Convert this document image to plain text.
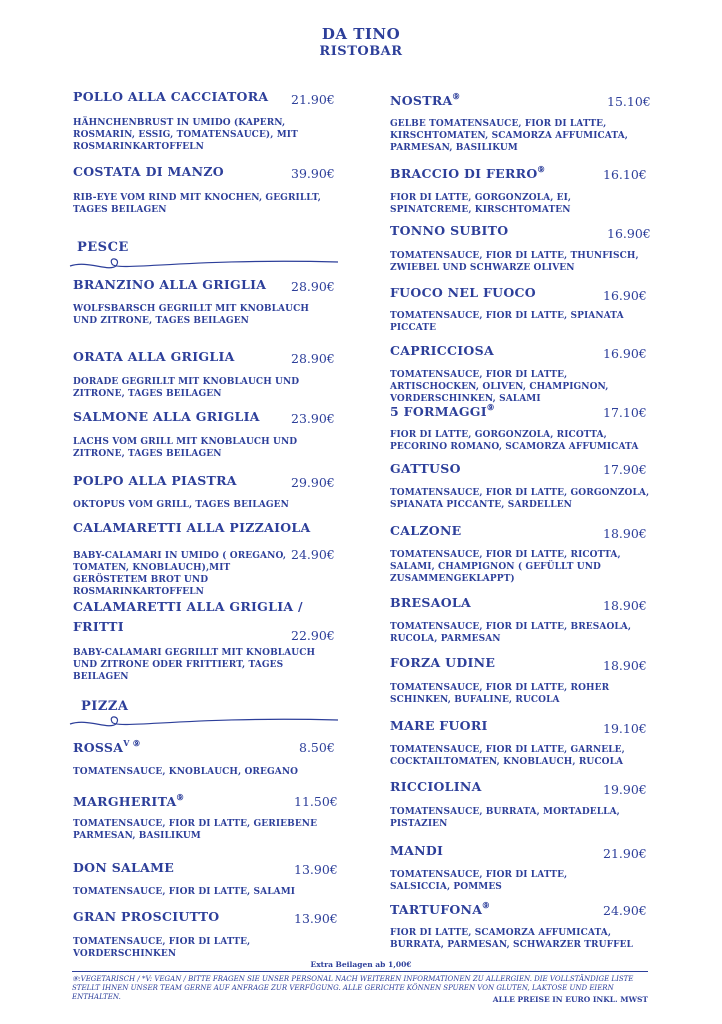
DA TINO
RISTOBAR
POLLO ALLA CACCIATORA 21.90€
HÄHNCHENBRUST IN UMIDO (KAPERN, ROSMARIN, ESSIG, TOMATENSAUCE), MIT ROSMARINKARTOFFELN
COSTATA DI MANZO	39.90€
RIB-EYE VOM RIND MIT KNOCHEN, GEGRILLT, TAGES BEILAGEN
PESCE
BRANZINO ALLA GRIGLIA 28.90€
WOLFSBARSCH GEGRILLT MIT KNOBLAUCH UND ZITRONE, TAGES BEILAGEN
ORATA ALLA GRIGLIA	28.90€
DORADE GEGRILLT MIT KNOBLAUCH UND ZITRONE, TAGES BEILAGEN
SALMONE ALLA GRIGLIA 23.90€
LACHS VOM GRILL MIT KNOBLAUCH UND ZITRONE, TAGES BEILAGEN
POLPO ALLA PIASTRA	29.90€
OKTOPUS VOM GRILL, TAGES BEILAGEN
CALAMARETTI ALLA PIZZAIOLA
24.90€
BABY-CALAMARI IN UMIDO ( OREGANO, TOMATEN, KNOBLAUCH),MIT GERÖSTETEM BROT UND ROSMARINKARTOFFELN
CALAMARETTI ALLA GRIGLIA /
FRITTI
22.90€
BABY-CALAMARI GEGRILLT MIT KNOBLAUCH UND ZITRONE ODER FRITTIERT, TAGES BEILAGEN
PIZZA
$ROSSA^{V ⑨}$	8.50€
TOMATENSAUCE, KNOBLAUCH, OREGANO
MARGHERITA⑨	11.50€
TOMATENSAUCE, FIOR DI LATTE, GERIEBENE PARMESAN, BASILIKUM
DON SALAME	13.90€
TOMATENSAUCE, FIOR DI LATTE, SALAMI
GRAN PROSCIUTTO	13.90€
TOMATENSAUCE, FIOR DI LATTE, VORDERSCHINKEN
NOSTRA⑨	15.10€
GELBE TOMATENSAUCE, FIOR DI LATTE, KIRSCHTOMATEN, SCAMORZA AFFUMICATA, PARMESAN, BASILIKUM
BRACCIO DI FERRO⑨	16.10€
FIOR DI LATTE, GORGONZOLA, EI, SPINATCREME, KIRSCHTOMATEN
TONNO SUBITO	16.90€
TOMATENSAUCE, FIOR DI LATTE, THUNFISCH, ZWIEBEL UND SCHWARZE OLIVEN
FUOCO NEL FUOCO	16.90€
TOMATENSAUCE, FIOR DI LATTE, SPIANATA PICCATE
CAPRICCIOSA	16.90€
TOMATENSAUCE, FIOR DI LATTE, ARTISCHOCKEN, OLIVEN, CHAMPIGNON, VORDERSCHINKEN, SALAMI
5 FORMAGGI⑨	17.10€
FIOR DI LATTE, GORGONZOLA, RICOTTA, PECORINO ROMANO, SCAMORZA AFFUMICATA
GATTUSO	17.90€
TOMATENSAUCE, FIOR DI LATTE, GORGONZOLA, SPIANATA PICCANTE, SARDELLEN
CALZONE	18.90€
TOMATENSAUCE, FIOR DI LATTE, RICOTTA, SALAMI, CHAMPIGNON ( GEFÜLLT UND ZUSAMMENGEKLAPPT)
BRESAOLA	18.90€
TOMATENSAUCE, FIOR DI LATTE, BRESAOLA, RUCOLA, PARMESAN
FORZA UDINE	18.90€
TOMATENSAUCE, FIOR DI LATTE, ROHER SCHINKEN, BUFALINE, RUCOLA
MARE FUORI	19.10€
TOMATENSAUCE, FIOR DI LATTE, GARNELE, COCKTAILTOMATEN, KNOBLAUCH, RUCOLA
RICCIOLINA	19.90€
TOMATENSAUCE, BURRATA, MORTADELLA, PISTAZIEN
MANDI	21.90€
TOMATENSAUCE, FIOR DI LATTE, SALSICCIA, POMMES
TARTUFONA⑨	24.90€
FIOR DI LATTE, SCAMORZA AFFUMICATA, BURRATA, PARMESAN, SCHWARZER TRUFFEL
Extra Beilagen ab 1,00€
⑨:VEGETARISCH / *V: VEGAN / BITTE FRAGEN SIE UNSER PERSONAL NACH WEITEREN INFORMATIONEN ZU ALLERGIEN. DIE VOLLSTÄNDIGE LISTE STELLT IHNEN UNSER TEAM GERNE AUF ANFRAGE ZUR VERFÜGUNG. ALLE GERICHTE KÖNNEN SPUREN VON GLUTEN, LAKTOSE UND EIERN ENTHALTEN.	ALLE PREISE IN EURO INKL. MWST
